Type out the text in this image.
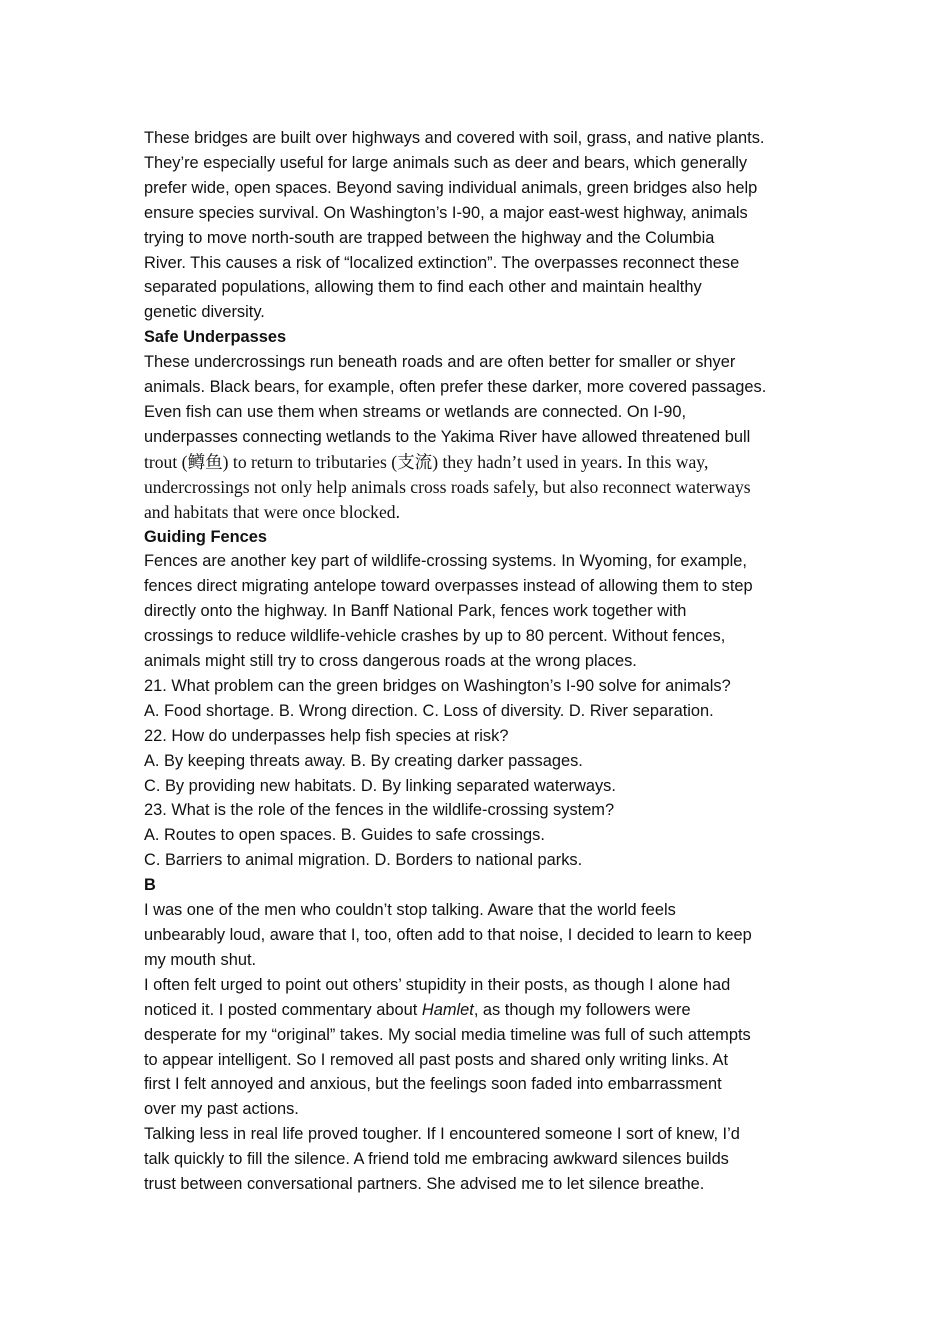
These bridges are built over highways and covered with soil, grass, and native plants.
They’re especially useful for large animals such as deer and bears, which generally
prefer wide, open spaces. Beyond saving individual animals, green bridges also help
ensure species survival. On Washington’s I-90, a major east-west highway, animals
trying to move north-south are trapped between the highway and the Columbia
River. This causes a risk of “localized extinction”. The overpasses reconnect these
separated populations, allowing them to find each other and maintain healthy
genetic diversity.
Safe Underpasses
These undercrossings run beneath roads and are often better for smaller or shyer
animals. Black bears, for example, often prefer these darker, more covered passages.
Even fish can use them when streams or wetlands are connected. On I-90,
underpasses connecting wetlands to the Yakima River have allowed threatened bull
trout (鳟鱼) to return to tributaries (支流) they hadn’t used in years. In this way,
undercrossings not only help animals cross roads safely, but also reconnect waterways
and habitats that were once blocked.
Guiding Fences
Fences are another key part of wildlife-crossing systems. In Wyoming, for example,
fences direct migrating antelope toward overpasses instead of allowing them to step
directly onto the highway. In Banff National Park, fences work together with
crossings to reduce wildlife-vehicle crashes by up to 80 percent. Without fences,
animals might still try to cross dangerous roads at the wrong places.
21. What problem can the green bridges on Washington’s I-90 solve for animals?
A. Food shortage. B. Wrong direction. C. Loss of diversity. D. River separation.
22. How do underpasses help fish species at risk?
A. By keeping threats away. B. By creating darker passages.
C. By providing new habitats. D. By linking separated waterways.
23. What is the role of the fences in the wildlife-crossing system?
A. Routes to open spaces. B. Guides to safe crossings.
C. Barriers to animal migration. D. Borders to national parks.
B
I was one of the men who couldn’t stop talking. Aware that the world feels
unbearably loud, aware that I, too, often add to that noise, I decided to learn to keep
my mouth shut.
I often felt urged to point out others’ stupidity in their posts, as though I alone had
noticed it. I posted commentary about Hamlet, as though my followers were
desperate for my “original” takes. My social media timeline was full of such attempts
to appear intelligent. So I removed all past posts and shared only writing links. At
first I felt annoyed and anxious, but the feelings soon faded into embarrassment
over my past actions.
Talking less in real life proved tougher. If I encountered someone I sort of knew, I’d
talk quickly to fill the silence. A friend told me embracing awkward silences builds
trust between conversational partners. She advised me to let silence breathe.
